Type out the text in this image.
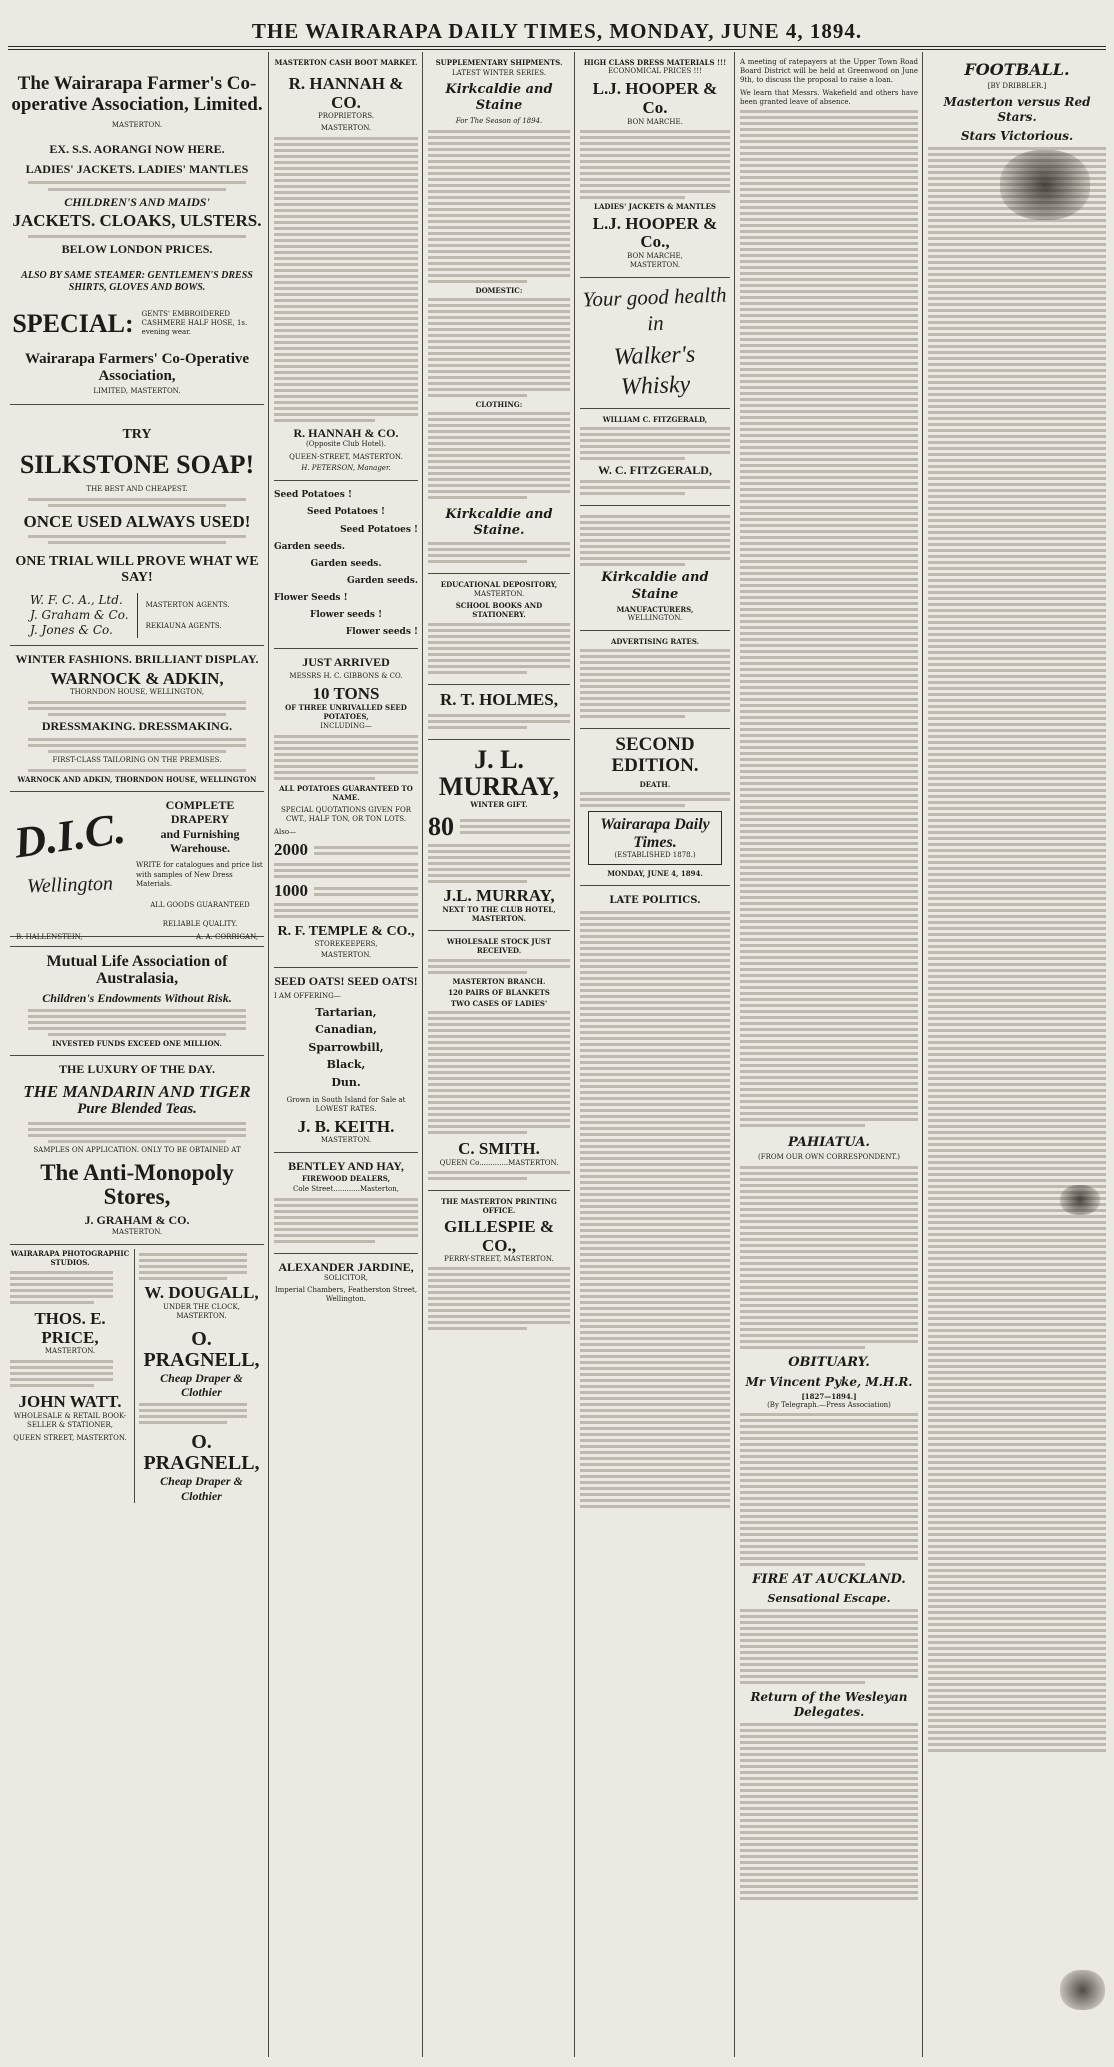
THE WAIRARAPA DAILY TIMES, MONDAY, JUNE 4, 1894.
The Wairarapa Farmer's Co-operative Association, Limited.
MASTERTON.
EX. S.S. AORANGI NOW HERE.
LADIES' JACKETS. LADIES' MANTLES
CHILDREN'S AND MAIDS'
JACKETS. CLOAKS, ULSTERS.
BELOW LONDON PRICES.
ALSO BY SAME STEAMER: GENTLEMEN'S DRESS SHIRTS, GLOVES AND BOWS.
SPECIAL: GENTS' EMBROIDERED CASHMERE HALF HOSE, 1s. evening wear.
Wairarapa Farmers' Co-Operative Association,
LIMITED, MASTERTON.
TRY
SILKSTONE SOAP!
THE BEST AND CHEAPEST.
ONCE USED ALWAYS USED!
ONE TRIAL WILL PROVE WHAT WE SAY!
W. F. C. A., Ltd.
J. Graham & Co.
J. Jones & Co.
MASTERTON AGENTS.
REKIAUNA AGENTS.
WINTER FASHIONS. BRILLIANT DISPLAY.
WARNOCK & ADKIN,
THORNDON HOUSE, WELLINGTON,
DRESSMAKING. DRESSMAKING.
FIRST-CLASS TAILORING ON THE PREMISES.
WARNOCK AND ADKIN, THORNDON HOUSE, WELLINGTON
D.I.C.
Wellington
COMPLETE DRAPERY
and Furnishing Warehouse.
WRITE for catalogues and price list with samples of New Dress Materials.
ALL GOODS GUARANTEED
RELIABLE QUALITY.
B. HALLENSTEIN,	A. A. CORRIGAN,
Mutual Life Association of Australasia,
Children's Endowments Without Risk.
INVESTED FUNDS EXCEED ONE MILLION.
THE LUXURY OF THE DAY.
THE MANDARIN AND TIGER
Pure Blended Teas.
SAMPLES ON APPLICATION. ONLY TO BE OBTAINED AT
The Anti-Monopoly Stores,
J. GRAHAM & CO.
MASTERTON.
WAIRARAPA PHOTOGRAPHIC STUDIOS.
THOS. E. PRICE,
MASTERTON.
JOHN WATT.
WHOLESALE & RETAIL BOOK-SELLER & STATIONER,
QUEEN STREET, MASTERTON.
W. DOUGALL,
UNDER THE CLOCK, MASTERTON.
O. PRAGNELL,
Cheap Draper & Clothier
O. PRAGNELL,
Cheap Draper & Clothier
MASTERTON CASH BOOT MARKET.
R. HANNAH & CO.
PROPRIETORS.
MASTERTON.
R. HANNAH & CO.
(Opposite Club Hotel).
QUEEN-STREET, MASTERTON.
H. PETERSON, Manager.
Seed Potatoes !
Seed Potatoes !
Seed Potatoes !
Garden seeds.
Garden seeds.
Garden seeds.
Flower Seeds !
Flower seeds !
Flower seeds !
JUST ARRIVED
MESSRS H. C. GIBBONS & CO.
10 TONS
OF THREE UNRIVALLED SEED POTATOES,
INCLUDING—
ALL POTATOES GUARANTEED TO NAME.
SPECIAL QUOTATIONS GIVEN FOR CWT., HALF TON, OR TON LOTS.
Also—
2000
1000
R. F. TEMPLE & CO.,
STOREKEEPERS,
MASTERTON.
SEED OATS! SEED OATS!
I AM OFFERING—
Tartarian,
Canadian,
Sparrowbill,
Black,
Dun.
Grown in South Island for Sale at LOWEST RATES.
J. B. KEITH.
MASTERTON.
BENTLEY AND HAY,
FIREWOOD DEALERS,
Cole Street............Masterton,
ALEXANDER JARDINE,
SOLICITOR,
Imperial Chambers, Featherston Street, Wellington.
SUPPLEMENTARY SHIPMENTS.
LATEST WINTER SERIES.
Kirkcaldie and Staine
For The Season of 1894.
DOMESTIC:
CLOTHING:
Kirkcaldie and Staine.
EDUCATIONAL DEPOSITORY,
MASTERTON.
SCHOOL BOOKS AND STATIONERY.
R. T. HOLMES,
J. L. MURRAY,
WINTER GIFT.
80
J.L. MURRAY,
NEXT TO THE CLUB HOTEL, MASTERTON.
WHOLESALE STOCK JUST RECEIVED.
MASTERTON BRANCH.
120 PAIRS OF BLANKETS
TWO CASES OF LADIES'
C. SMITH.
QUEEN Co.............MASTERTON.
THE MASTERTON PRINTING OFFICE.
GILLESPIE & CO.,
PERRY-STREET, MASTERTON.
HIGH CLASS DRESS MATERIALS !!!
ECONOMICAL PRICES !!!
L.J. HOOPER & Co.
BON MARCHE.
LADIES' JACKETS & MANTLES
L.J. HOOPER & Co.,
BON MARCHE,
MASTERTON.
Your good health in
Walker's Whisky
WILLIAM C. FITZGERALD,
W. C. FITZGERALD,
Kirkcaldie and Staine
MANUFACTURERS,
WELLINGTON.
ADVERTISING RATES.
SECOND EDITION.
DEATH.
Wairarapa Daily Times.
(ESTABLISHED 1878.)
MONDAY, JUNE 4, 1894.
LATE POLITICS.
A meeting of ratepayers at the Upper Town Road Board District will be held at Greenwood on June 9th, to discuss the proposal to raise a loan.
We learn that Messrs. Wakefield and others have been granted leave of absence.
PAHIATUA.
(FROM OUR OWN CORRESPONDENT.)
OBITUARY.
Mr Vincent Pyke, M.H.R.
[1827—1894.]
(By Telegraph.—Press Association)
FIRE AT AUCKLAND.
Sensational Escape.
Return of the Wesleyan Delegates.
FOOTBALL.
[BY DRIBBLER.]
Masterton versus Red Stars.
Stars Victorious.
